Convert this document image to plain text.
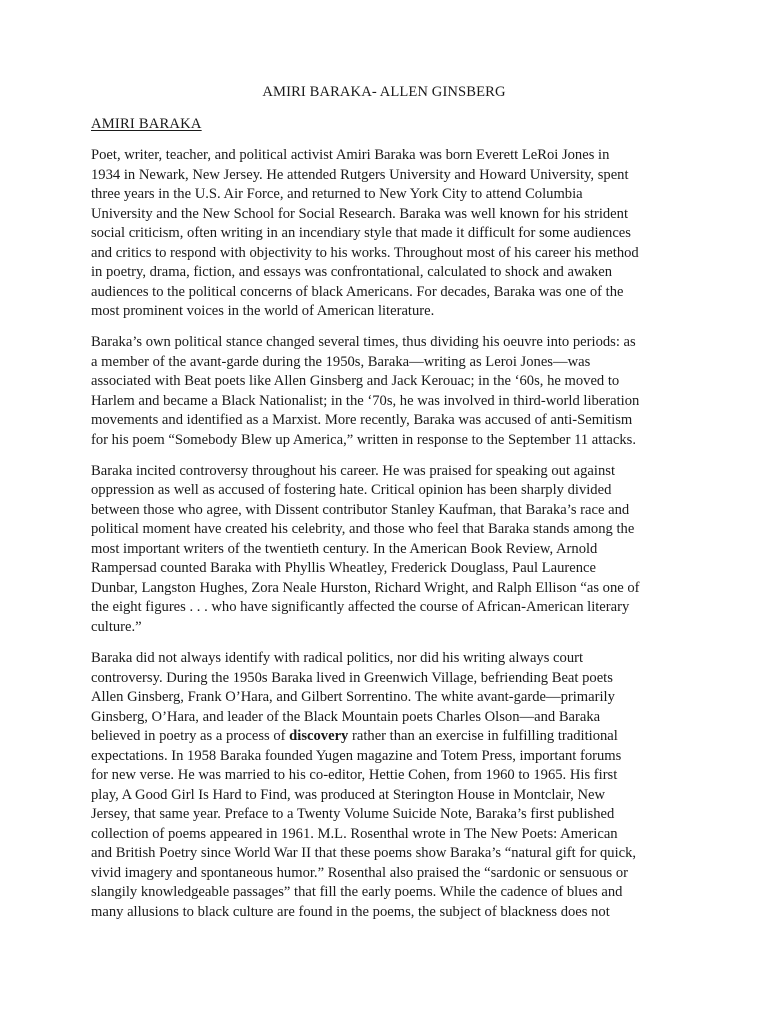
AMIRI BARAKA- ALLEN GINSBERG
AMIRI BARAKA

Poet, writer, teacher, and political activist Amiri Baraka was born Everett LeRoi Jones in
1934 in Newark, New Jersey. He attended Rutgers University and Howard University, spent
three years in the U.S. Air Force, and returned to New York City to attend Columbia
University and the New School for Social Research. Baraka was well known for his strident
social criticism, often writing in an incendiary style that made it difficult for some audiences
and critics to respond with objectivity to his works. Throughout most of his career his method
in poetry, drama, fiction, and essays was confrontational, calculated to shock and awaken
audiences to the political concerns of black Americans. For decades, Baraka was one of the
most prominent voices in the world of American literature.

Baraka’s own political stance changed several times, thus dividing his oeuvre into periods: as
a member of the avant-garde during the 1950s, Baraka—writing as Leroi Jones—was
associated with Beat poets like Allen Ginsberg and Jack Kerouac; in the ‘60s, he moved to
Harlem and became a Black Nationalist; in the ‘70s, he was involved in third-world liberation
movements and identified as a Marxist. More recently, Baraka was accused of anti-Semitism
for his poem “Somebody Blew up America,” written in response to the September 11 attacks.

Baraka incited controversy throughout his career. He was praised for speaking out against
oppression as well as accused of fostering hate. Critical opinion has been sharply divided
between those who agree, with Dissent contributor Stanley Kaufman, that Baraka’s race and
political moment have created his celebrity, and those who feel that Baraka stands among the
most important writers of the twentieth century. In the American Book Review, Arnold
Rampersad counted Baraka with Phyllis Wheatley, Frederick Douglass, Paul Laurence
Dunbar, Langston Hughes, Zora Neale Hurston, Richard Wright, and Ralph Ellison “as one of
the eight figures . . . who have significantly affected the course of African-American literary
culture.”

Baraka did not always identify with radical politics, nor did his writing always court
controversy. During the 1950s Baraka lived in Greenwich Village, befriending Beat poets
Allen Ginsberg, Frank O’Hara, and Gilbert Sorrentino. The white avant-garde—primarily
Ginsberg, O’Hara, and leader of the Black Mountain poets Charles Olson—and Baraka
believed in poetry as a process of discovery rather than an exercise in fulfilling traditional
expectations. In 1958 Baraka founded Yugen magazine and Totem Press, important forums
for new verse. He was married to his co-editor, Hettie Cohen, from 1960 to 1965. His first
play, A Good Girl Is Hard to Find, was produced at Sterington House in Montclair, New
Jersey, that same year. Preface to a Twenty Volume Suicide Note, Baraka’s first published
collection of poems appeared in 1961. M.L. Rosenthal wrote in The New Poets: American
and British Poetry since World War II that these poems show Baraka’s “natural gift for quick,
vivid imagery and spontaneous humor.” Rosenthal also praised the “sardonic or sensuous or
slangily knowledgeable passages” that fill the early poems. While the cadence of blues and
many allusions to black culture are found in the poems, the subject of blackness does not
